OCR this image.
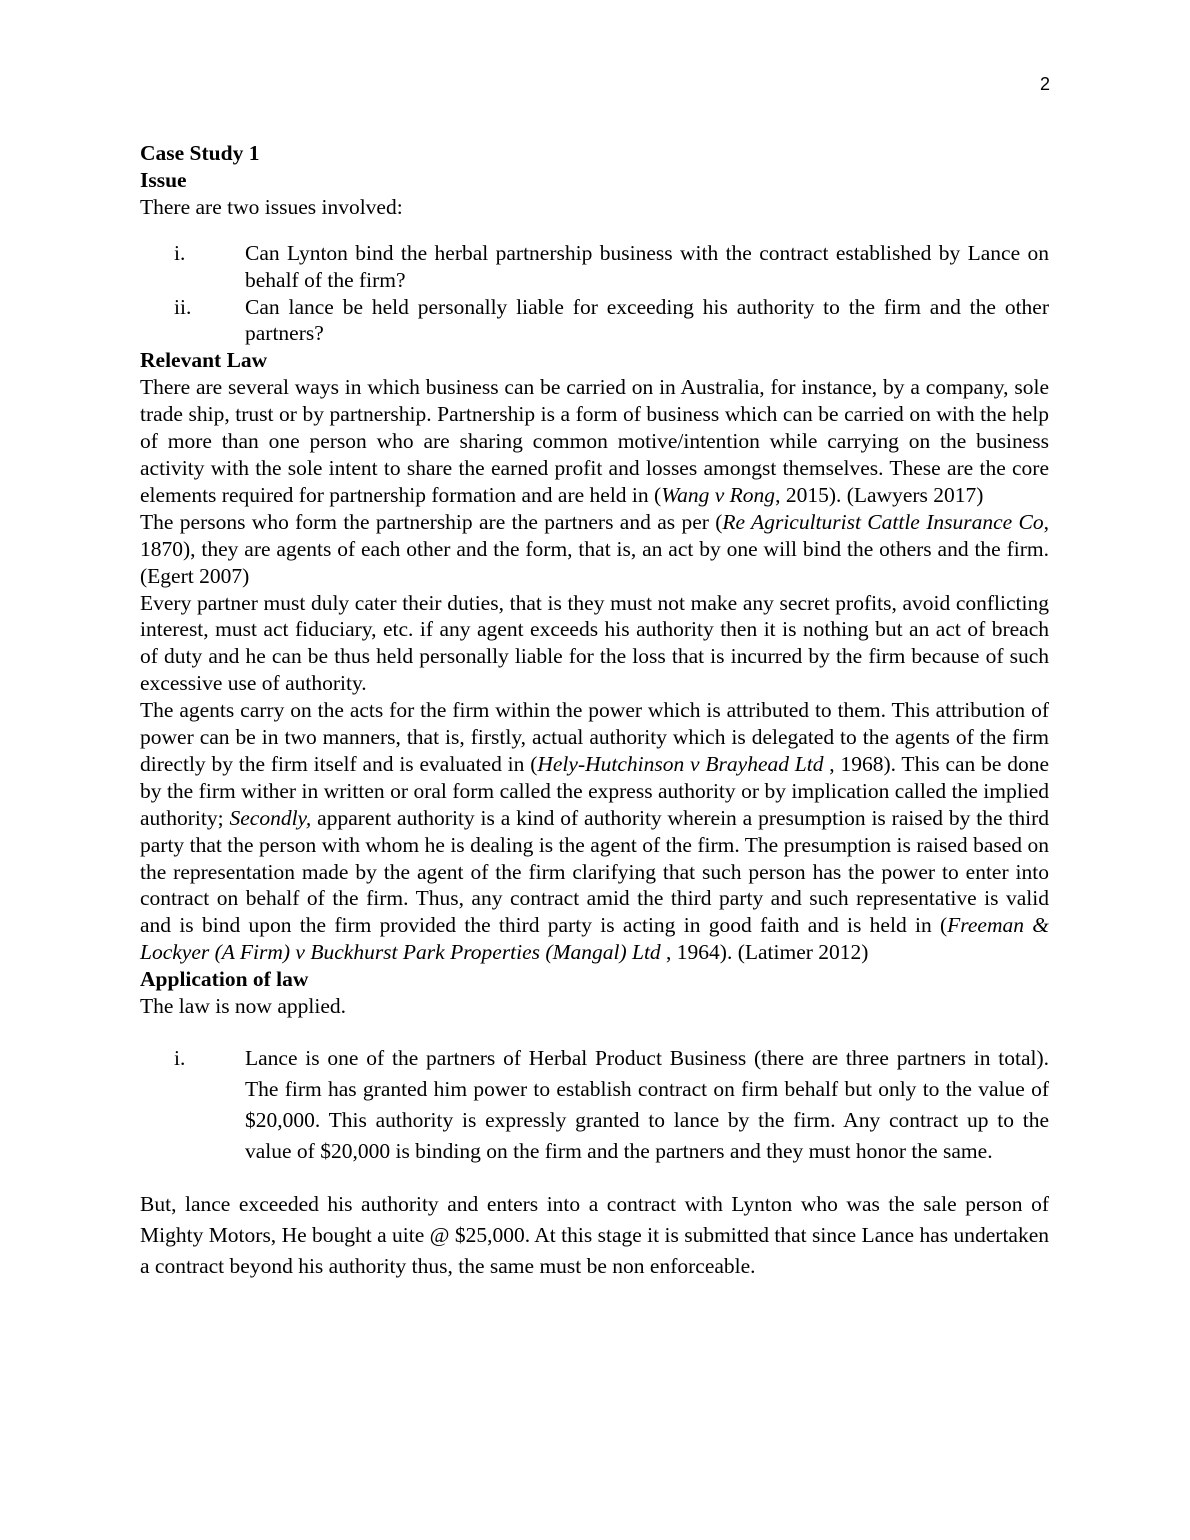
2

Case Study 1

Issue

There are two issues involved:

i.	Can Lynton bind the herbal partnership business with the contract established by Lance on behalf of the firm?
ii. Can lance be held personally liable for exceeding his authority to the firm and the other partners?

Relevant Law

There are several ways in which business can be carried on in Australia, for instance, by a company, sole trade ship, trust or by partnership. Partnership is a form of business which can be carried on with the help of more than one person who are sharing common motive/intention while carrying on the business activity with the sole intent to share the earned profit and losses amongst themselves. These are the core elements required for partnership formation and are held in (Wang v Rong, 2015). (Lawyers 2017)

The persons who form the partnership are the partners and as per (Re Agriculturist Cattle Insurance Co, 1870), they are agents of each other and the form, that is, an act by one will bind the others and the firm. (Egert 2007)

Every partner must duly cater their duties, that is they must not make any secret profits, avoid conflicting interest, must act fiduciary, etc. if any agent exceeds his authority then it is nothing but an act of breach of duty and he can be thus held personally liable for the loss that is incurred by the firm because of such excessive use of authority.

The agents carry on the acts for the firm within the power which is attributed to them. This attribution of power can be in two manners, that is, firstly, actual authority which is delegated to the agents of the firm directly by the firm itself and is evaluated in (Hely-Hutchinson v Brayhead Ltd , 1968). This can be done by the firm wither in written or oral form called the express authority or by implication called the implied authority; Secondly, apparent authority is a kind of authority wherein a presumption is raised by the third party that the person with whom he is dealing is the agent of the firm. The presumption is raised based on the representation made by the agent of the firm clarifying that such person has the power to enter into contract on behalf of the firm. Thus, any contract amid the third party and such representative is valid and is bind upon the firm provided the third party is acting in good faith and is held in (Freeman & Lockyer (A Firm) v Buckhurst Park Properties (Mangal) Ltd , 1964). (Latimer 2012)

Application of law

The law is now applied.

i.	Lance is one of the partners of Herbal Product Business (there are three partners in total). The firm has granted him power to establish contract on firm behalf but only to the value of $20,000. This authority is expressly granted to lance by the firm. Any contract up to the value of $20,000 is binding on the firm and the partners and they must honor the same.

But, lance exceeded his authority and enters into a contract with Lynton who was the sale person of Mighty Motors, He bought a uite @ $25,000. At this stage it is submitted that since Lance has undertaken a contract beyond his authority thus, the same must be non enforceable.
